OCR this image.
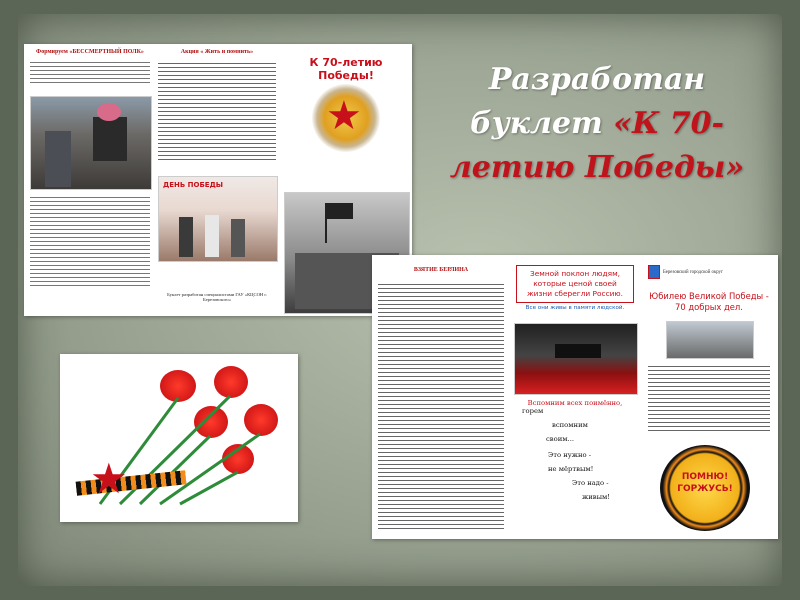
Разработан
буклет «К 70-
летию Победы»
Формируем «БЕССМЕРТНЫЙ ПОЛК»	Акция « Жить и помнить»
ДЕНЬ ПОБЕДЫ
Буклет разработан специалистами ГАУ «КЦСОН г. Березовского»
К 70-летию Победы!
★
★
ВЗЯТИЕ БЕРЛИНА	Земной поклон людям, которые ценой своей жизни сберегли Россию.
Все они живы в памяти людской.
Вспомним всех поимённо,
горем
вспомним
своим...
Это нужно -
не мёртвым!
Это надо -
живым!
Березовский городской округ
Юбилею Великой Победы - 70 добрых дел.
ПОМНЮ! ГОРЖУСЬ!
